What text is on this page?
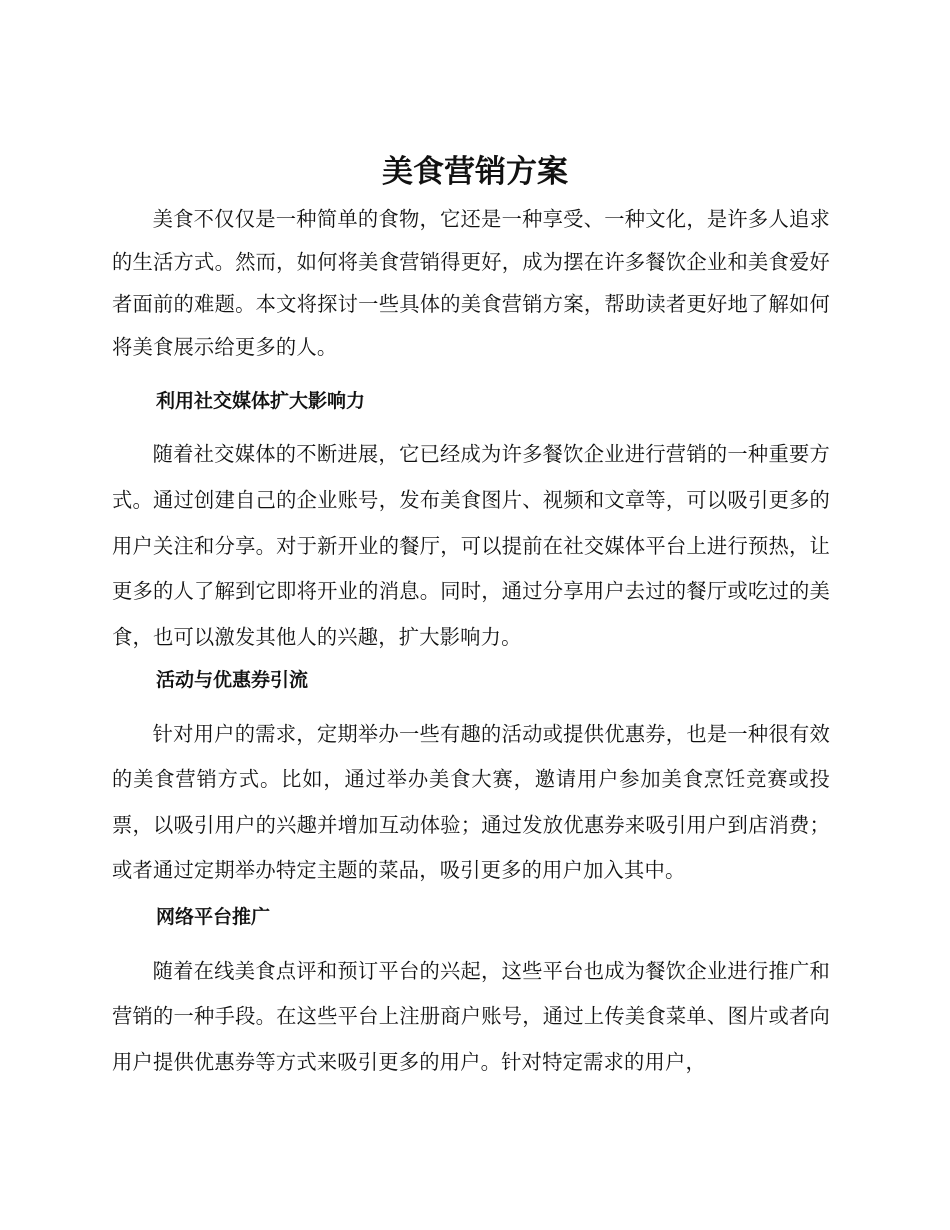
美食营销方案

美食不仅仅是一种简单的食物，它还是一种享受、一种文化，是许多人追求的生活方式。然而，如何将美食营销得更好，成为摆在许多餐饮企业和美食爱好者面前的难题。本文将探讨一些具体的美食营销方案，帮助读者更好地了解如何将美食展示给更多的人。

利用社交媒体扩大影响力

随着社交媒体的不断进展，它已经成为许多餐饮企业进行营销的一种重要方式。通过创建自己的企业账号，发布美食图片、视频和文章等，可以吸引更多的用户关注和分享。对于新开业的餐厅，可以提前在社交媒体平台上进行预热，让更多的人了解到它即将开业的消息。同时，通过分享用户去过的餐厅或吃过的美食，也可以激发其他人的兴趣，扩大影响力。

活动与优惠券引流

针对用户的需求，定期举办一些有趣的活动或提供优惠券，也是一种很有效的美食营销方式。比如，通过举办美食大赛，邀请用户参加美食烹饪竞赛或投票，以吸引用户的兴趣并增加互动体验；通过发放优惠券来吸引用户到店消费；或者通过定期举办特定主题的菜品，吸引更多的用户加入其中。

网络平台推广

随着在线美食点评和预订平台的兴起，这些平台也成为餐饮企业进行推广和营销的一种手段。在这些平台上注册商户账号，通过上传美食菜单、图片或者向用户提供优惠券等方式来吸引更多的用户。针对特定需求的用户，
